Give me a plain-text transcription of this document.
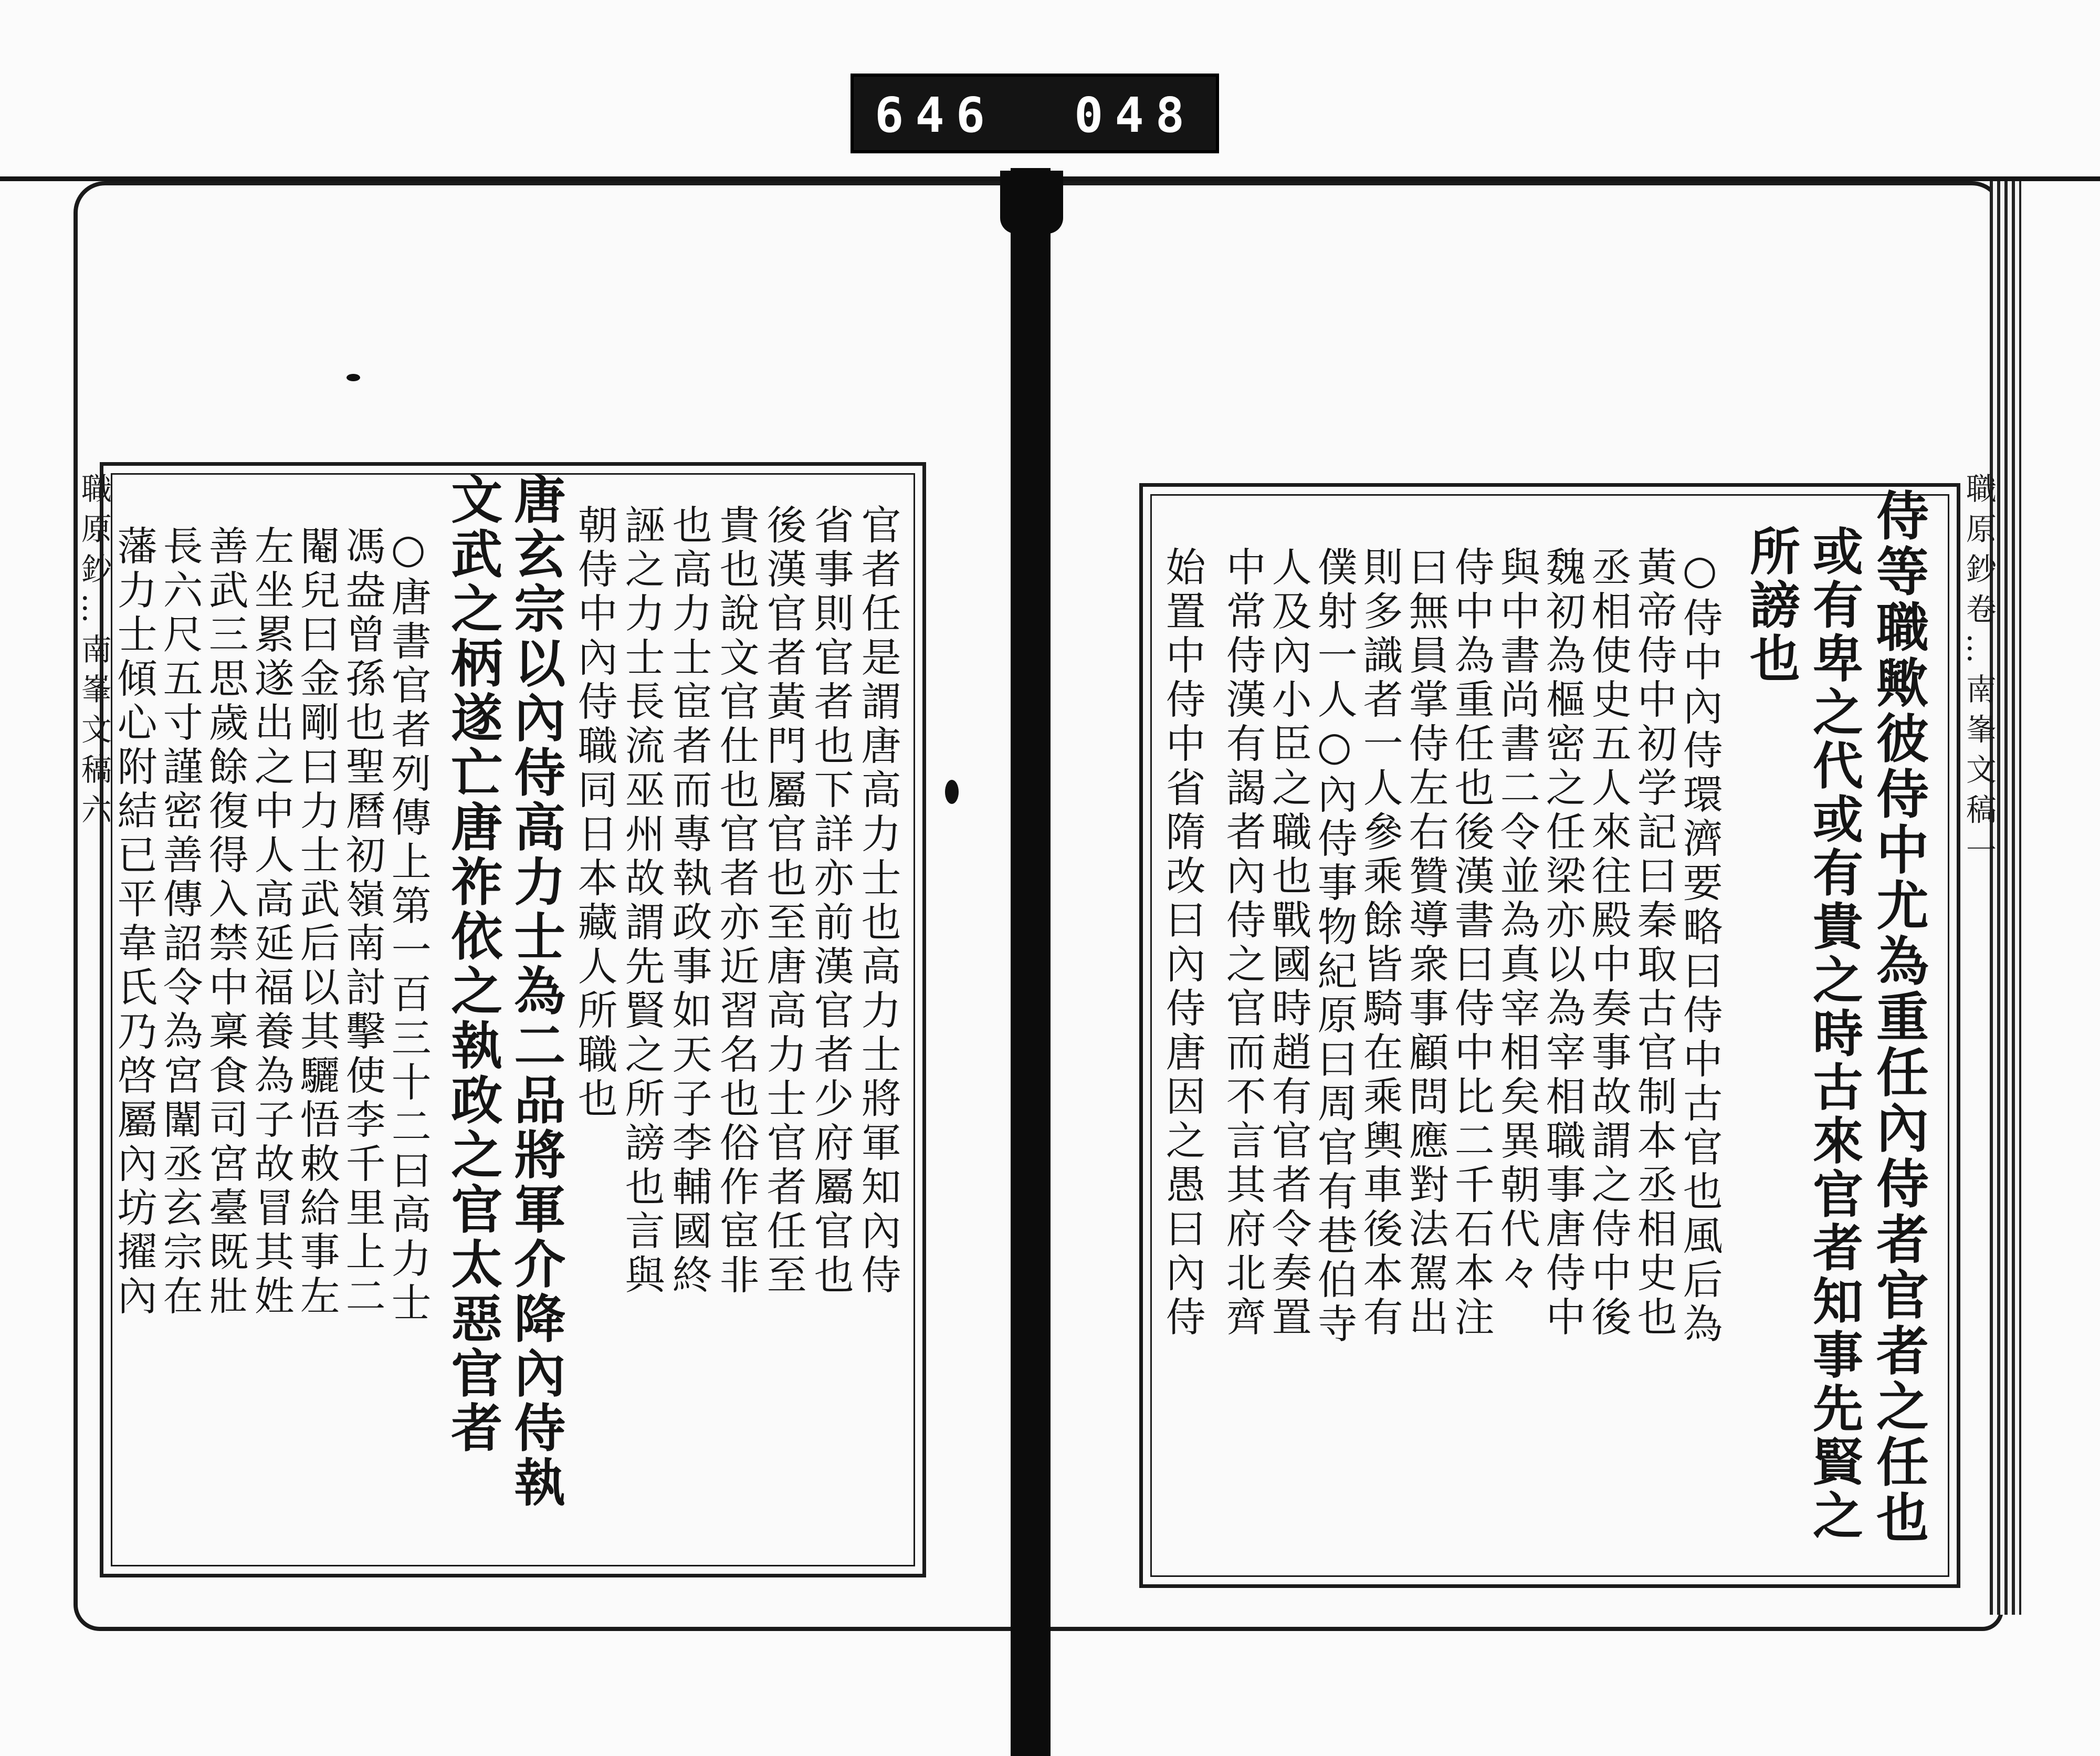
646 048
職 原 鈔 … 南 峯 文 稿 六	官者任是謂唐高力士也高力士將軍知內侍
省事則官者也下詳亦前漢官者少府屬官也
後漢官者黃門屬官也至唐高力士官者任至
貴也說文官仕也官者亦近習名也俗作宦非
也高力士宦者而專執政事如天子李輔國終
誣之力士長流巫州故謂先賢之所謗也言與
朝侍中內侍職同日本藏人所職也
唐玄宗以內侍高力士為二品將軍介降內侍執
文武之柄遂亡唐祚依之執政之官太惡官者
○唐書官者列傳上第一百三十二曰高力士
馮盎曾孫也聖曆初嶺南討擊使李千里上二
閹兒曰金剛曰力士武后以其驪悟敕給事左
左坐累遂出之中人高延福養為子故冒其姓
善武三思歲餘復得入禁中稟食司宮臺既壯
長六尺五寸謹密善傳詔令為宮闈丞玄宗在
藩力士傾心附結已平韋氏乃啓屬內坊擢內	職 原 鈔 卷 … 南 峯 文 稿 一
侍等職歟彼侍中尤為重任內侍者官者之任也
或有卑之代或有貴之時古來官者知事先賢之
所謗也
○侍中內侍環濟要略曰侍中古官也風后為
黃帝侍中初学記曰秦取古官制本丞相史也
丞相使史五人來往殿中奏事故謂之侍中後
魏初為樞密之任梁亦以為宰相職事唐侍中
與中書尚書二令並為真宰相矣異朝代々
侍中為重任也後漢書曰侍中比二千石本注
曰無員掌侍左右贊導衆事顧問應對法駕出
則多識者一人參乘餘皆騎在乘輿車後本有
僕射一人○內侍事物紀原曰周官有巷伯寺
人及內小臣之職也戰國時趙有官者令奏置
中常侍漢有謁者內侍之官而不言其府北齊
始置中侍中省隋改曰內侍唐因之愚曰內侍
